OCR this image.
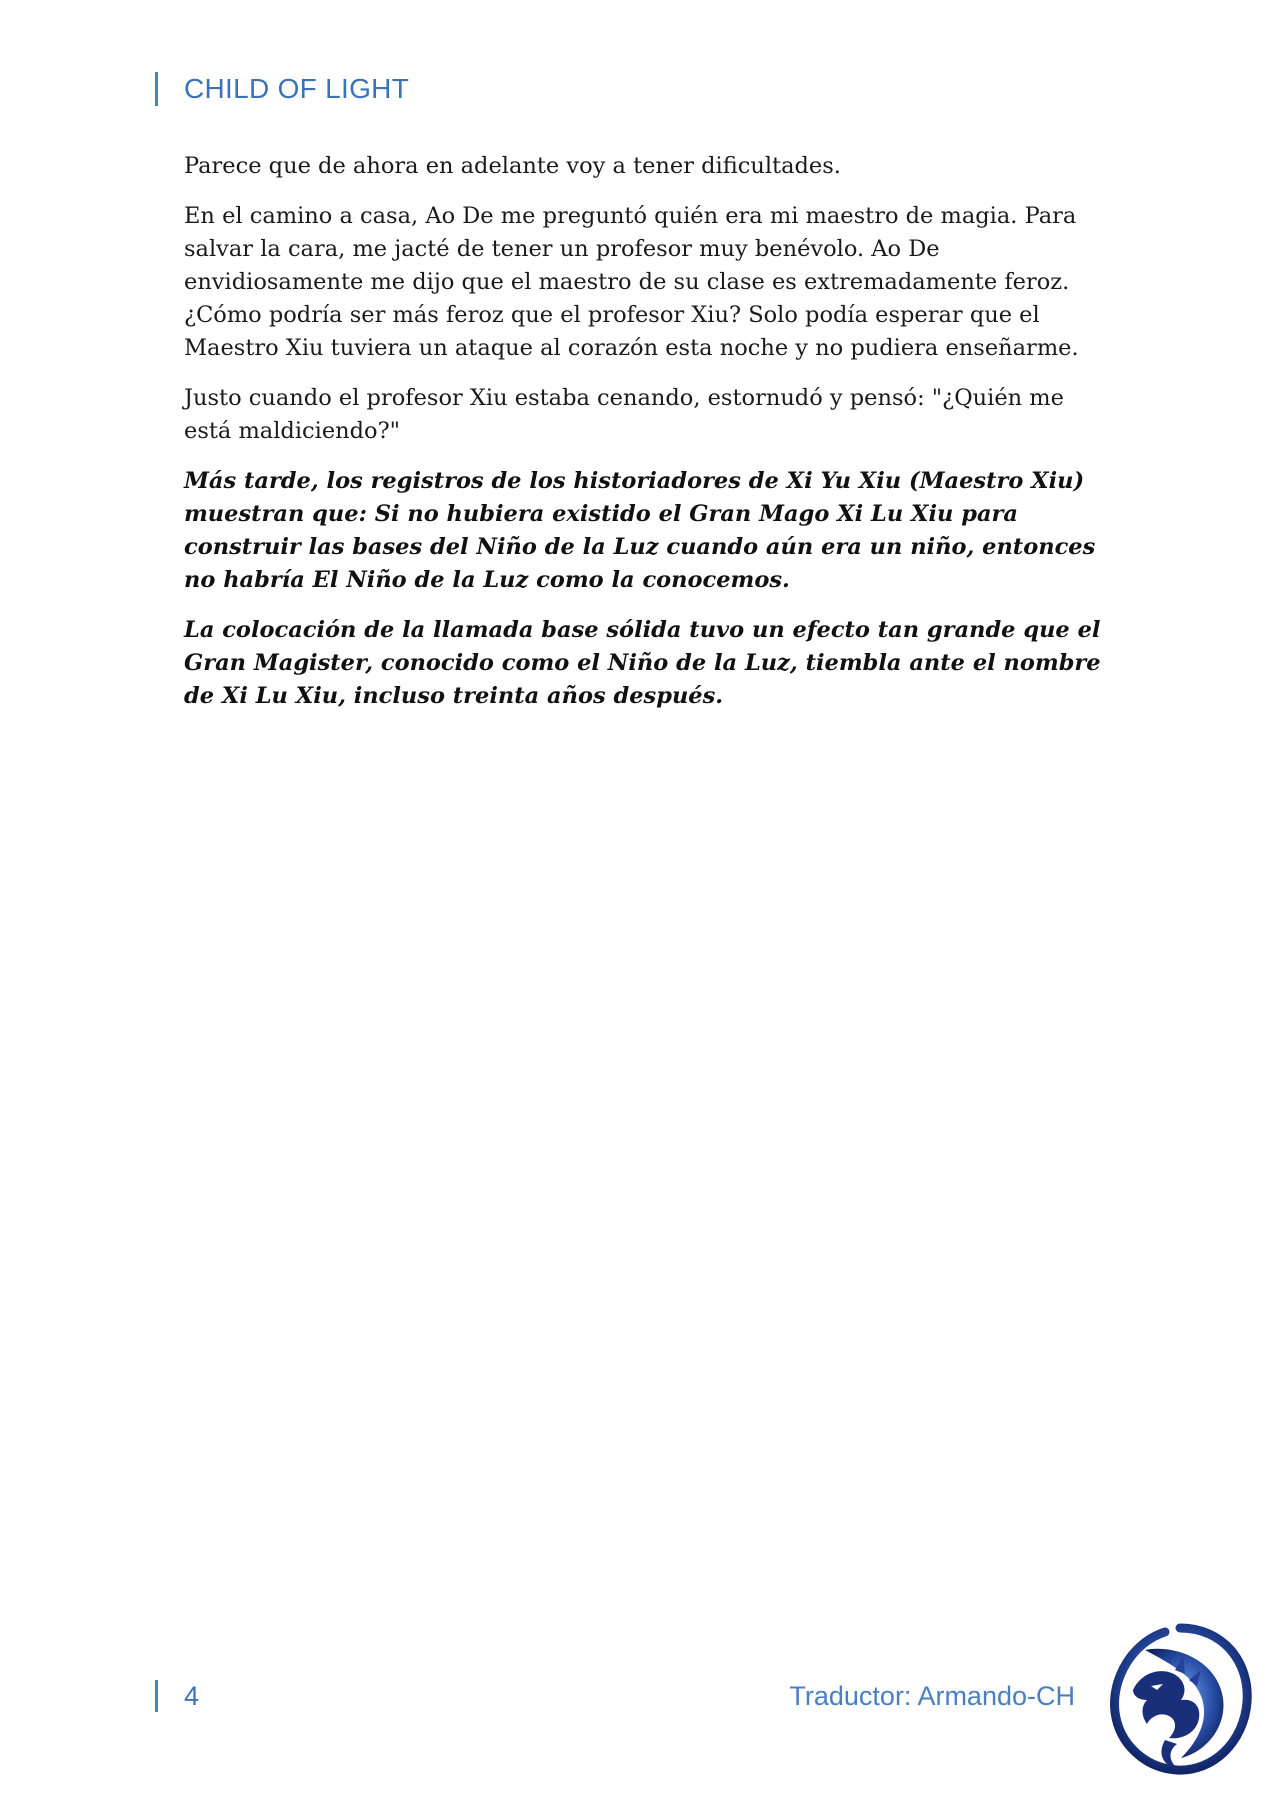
CHILD OF LIGHT

Parece que de ahora en adelante voy a tener dificultades.

En el camino a casa, Ao De me preguntó quién era mi maestro de magia. Para salvar la cara, me jacté de tener un profesor muy benévolo. Ao De envidiosamente me dijo que el maestro de su clase es extremadamente feroz. ¿Cómo podría ser más feroz que el profesor Xiu? Solo podía esperar que el Maestro Xiu tuviera un ataque al corazón esta noche y no pudiera enseñarme.

Justo cuando el profesor Xiu estaba cenando, estornudó y pensó: "¿Quién me está maldiciendo?"

Más tarde, los registros de los historiadores de Xi Yu Xiu (Maestro Xiu) muestran que: Si no hubiera existido el Gran Mago Xi Lu Xiu para construir las bases del Niño de la Luz cuando aún era un niño, entonces no habría El Niño de la Luz como la conocemos.

La colocación de la llamada base sólida tuvo un efecto tan grande que el Gran Magister, conocido como el Niño de la Luz, tiembla ante el nombre de Xi Lu Xiu, incluso treinta años después.

4	Traductor: Armando-CH
